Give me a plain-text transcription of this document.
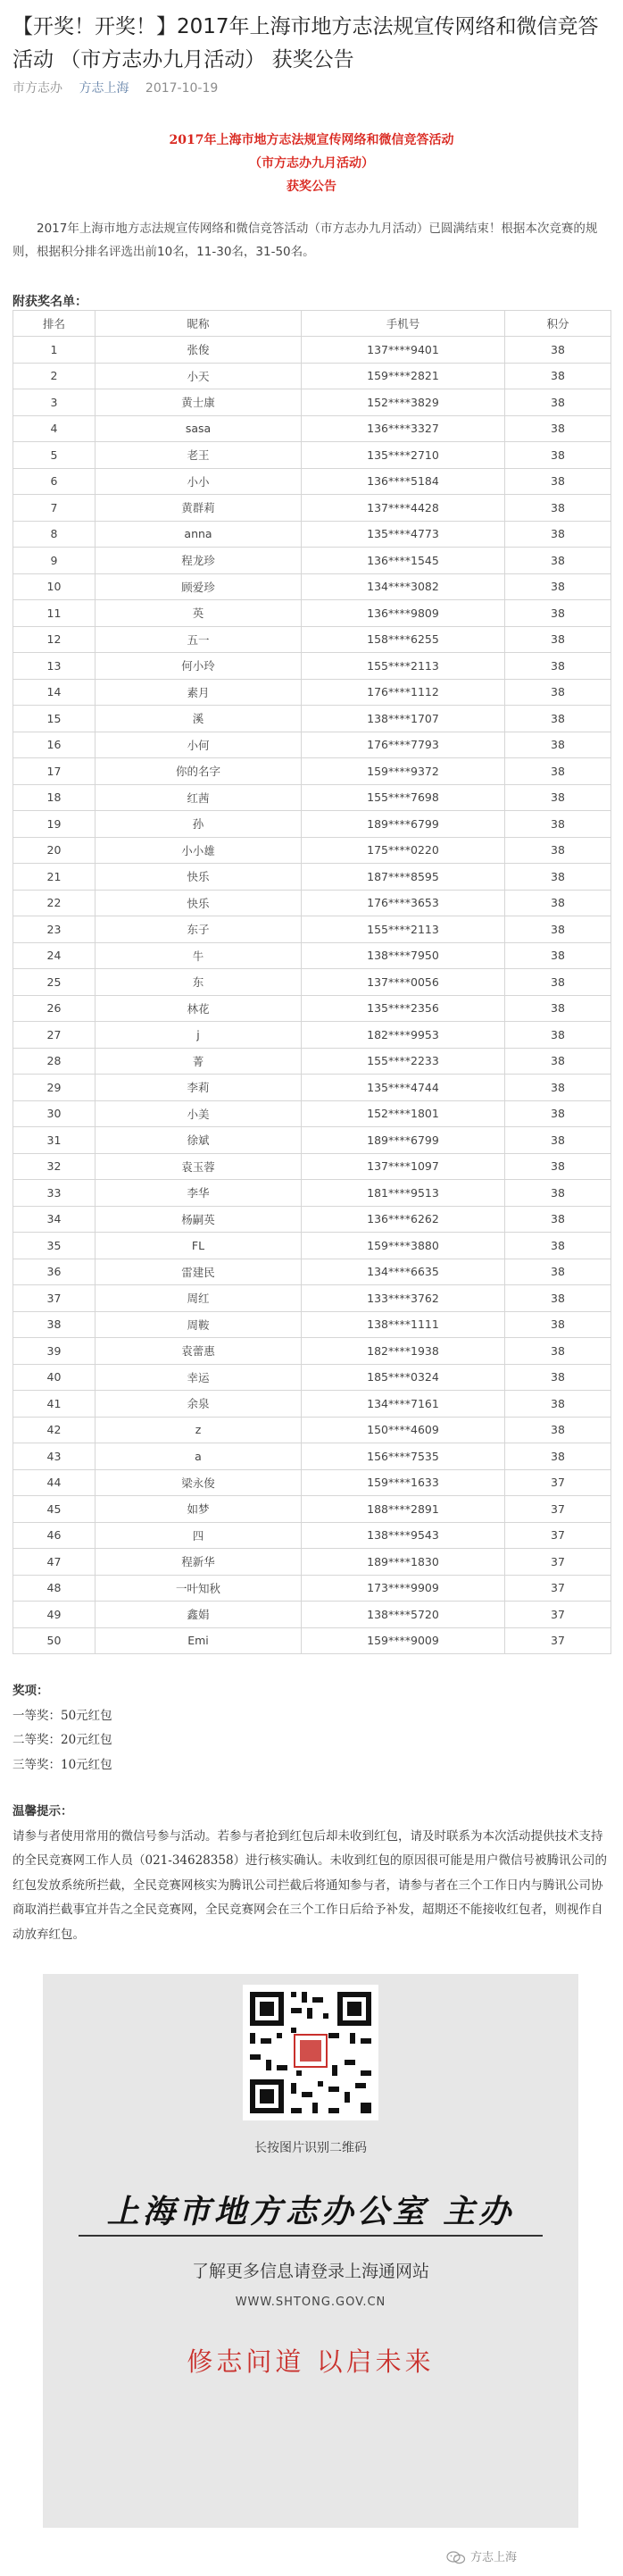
【开奖！开奖！】2017年上海市地方志法规宣传网络和微信竞答活动 （市方志办九月活动） 获奖公告
市方志办 方志上海 2017-10-19
2017年上海市地方志法规宣传网络和微信竞答活动
（市方志办九月活动）
获奖公告
2017年上海市地方志法规宣传网络和微信竞答活动（市方志办九月活动）已圆满结束！根据本次竞赛的规则，根据积分排名评选出前10名，11-30名，31-50名。
附获奖名单：
排名	昵称	手机号	积分
1	张俊	137****9401	38
2	小天	159****2821	38
3	黄士康	152****3829	38
4	sasa	136****3327	38
5	老王	135****2710	38
6	小小	136****5184	38
7	黄群莉	137****4428	38
8	anna	135****4773	38
9	程龙珍	136****1545	38
10	顾爱珍	134****3082	38
11	英	136****9809	38
12	五一	158****6255	38
13	何小玲	155****2113	38
14	素月	176****1112	38
15	溪	138****1707	38
16	小何	176****7793	38
17	你的名字	159****9372	38
18	红茜	155****7698	38
19	孙	189****6799	38
20	小小雄	175****0220	38
21	快乐	187****8595	38
22	快乐	176****3653	38
23	东子	155****2113	38
24	牛	138****7950	38
25	东	137****0056	38
26	林花	135****2356	38
27	j	182****9953	38
28	菁	155****2233	38
29	李莉	135****4744	38
30	小美	152****1801	38
31	徐斌	189****6799	38
32	袁玉蓉	137****1097	38
33	李华	181****9513	38
34	杨嗣英	136****6262	38
35	FL	159****3880	38
36	雷建民	134****6635	38
37	周红	133****3762	38
38	周鞍	138****1111	38
39	袁蕾惠	182****1938	38
40	幸运	185****0324	38
41	余泉	134****7161	38
42	z	150****4609	38
43	a	156****7535	38
44	梁永俊	159****1633	37
45	如梦	188****2891	37
46	四	138****9543	37
47	程新华	189****1830	37
48	一叶知秋	173****9909	37
49	鑫娟	138****5720	37
50	Emi	159****9009	37
奖项：
一等奖：50元红包
二等奖：20元红包
三等奖：10元红包
温馨提示：
请参与者使用常用的微信号参与活动。若参与者抢到红包后却未收到红包，请及时联系为本次活动提供技术支持的全民竞赛网工作人员（021-34628358）进行核实确认。未收到红包的原因很可能是用户微信号被腾讯公司的红包发放系统所拦截，全民竞赛网核实为腾讯公司拦截后将通知参与者，请参与者在三个工作日内与腾讯公司协商取消拦截事宜并告之全民竞赛网，全民竞赛网会在三个工作日后给予补发，超期还不能接收红包者，则视作自动放弃红包。
长按图片识别二维码
上海市地方志办公室 主办
了解更多信息请登录上海通网站
WWW.SHTONG.GOV.CN
修志问道 以启未来
方志上海
